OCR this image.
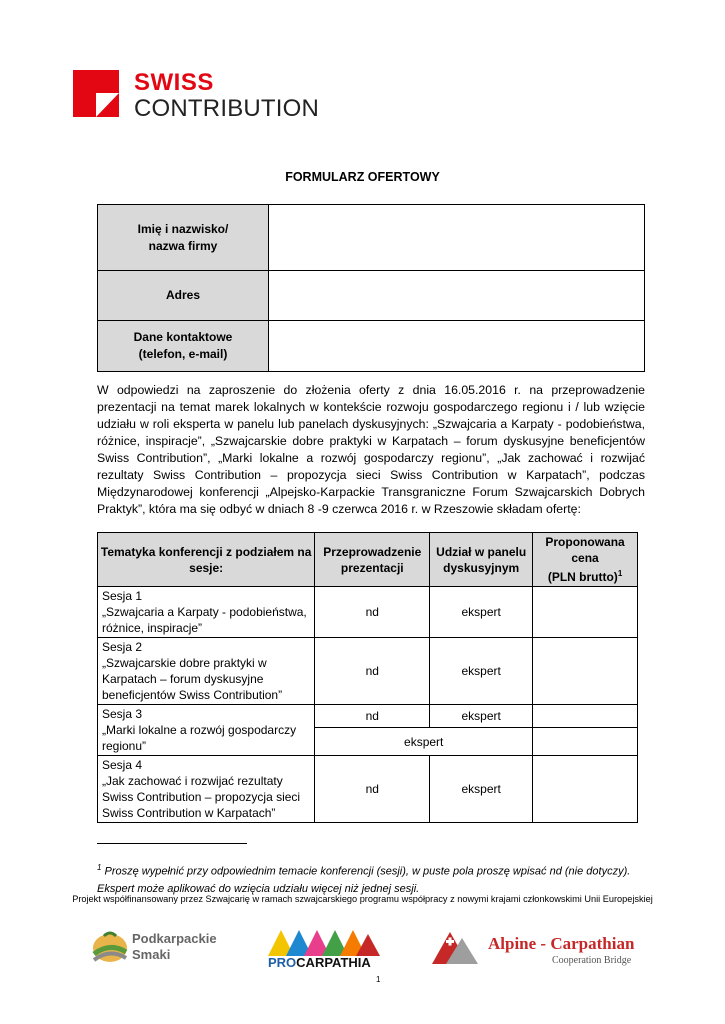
SWISS
CONTRIBUTION
FORMULARZ OFERTOWY
Imię i nazwisko/
nazwa firmy	

Adres	

Dane kontaktowe
(telefon, e-mail)	

W odpowiedzi na zaproszenie do złożenia oferty z dnia 16.05.2016 r. na przeprowadzenie prezentacji na temat marek lokalnych w kontekście rozwoju gospodarczego regionu i / lub wzięcie udziału w roli eksperta w panelu lub panelach dyskusyjnych: „Szwajcaria a Karpaty - podobieństwa, różnice, inspiracje”, „Szwajcarskie dobre praktyki w Karpatach – forum dyskusyjne beneficjentów Swiss Contribution”, „Marki lokalne a rozwój gospodarczy regionu”, „Jak zachować i rozwijać rezultaty Swiss Contribution – propozycja sieci Swiss Contribution w Karpatach”, podczas Międzynarodowej konferencji „Alpejsko-Karpackie Transgraniczne Forum Szwajcarskich Dobrych Praktyk”, która ma się odbyć w dniach 8 -9 czerwca 2016 r. w Rzeszowie składam ofertę:
Tematyka konferencji z podziałem na sesje:	Przeprowadzenie prezentacji	Udział w panelu dyskusyjnym	Proponowana
cena
(PLN brutto)$^1$

Sesja 1
„Szwajcaria a Karpaty - podobieństwa, różnice, inspiracje”	nd	ekspert	

Sesja 2
„Szwajcarskie dobre praktyki w Karpatach – forum dyskusyjne beneficjentów Swiss Contribution”	nd	ekspert	

Sesja 3
„Marki lokalne a rozwój gospodarczy regionu”	nd	ekspert	
	ekspert		

Sesja 4
„Jak zachować i rozwijać rezultaty Swiss Contribution – propozycja sieci Swiss Contribution w Karpatach”	nd	ekspert	
$^1$ Proszę wypełnić przy odpowiednim temacie konferencji (sesji), w puste pola proszę wpisać nd (nie dotyczy).
Ekspert może aplikować do wzięcia udziału więcej niż jednej sesji.
Projekt współfinansowany przez Szwajcarię w ramach szwajcarskiego programu współpracy z nowymi krajami członkowskimi Unii Europejskiej
Podkarpackie
Smaki
PROCARPATHIA
Alpine - Carpathian
Cooperation Bridge
1
